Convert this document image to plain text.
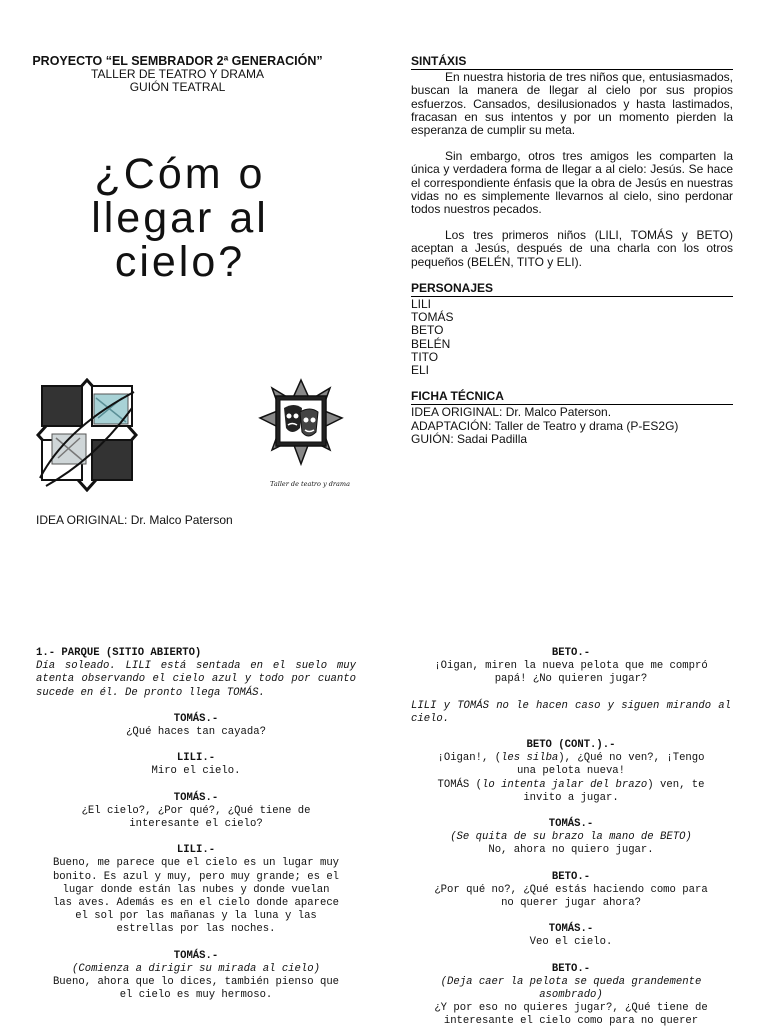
PROYECTO “EL SEMBRADOR 2ª GENERACIÓN”
TALLER DE TEATRO Y DRAMA
GUIÓN TEATRAL
¿Cóm o
llegar al
cielo?
Taller de teatro y drama
IDEA ORIGINAL: Dr. Malco Paterson
SINTÁXIS

En nuestra historia de tres niños que, entusiasmados, buscan la manera de llegar al cielo por sus propios esfuerzos. Cansados, desilusionados y hasta lastimados, fracasan en sus intentos y por un momento pierden la esperanza de cumplir su meta.

Sin embargo, otros tres amigos les comparten la única y verdadera forma de llegar a al cielo: Jesús. Se hace el correspondiente énfasis que la obra de Jesús en nuestras vidas no es simplemente llevarnos al cielo, sino perdonar todos nuestros pecados.

Los tres primeros niños (LILI, TOMÁS y BETO) aceptan a Jesús, después de una charla con los otros pequeños (BELÉN, TITO y ELI).

PERSONAJES

LILI

TOMÁS

BETO

BELÉN

TITO

ELI

FICHA TÉCNICA

IDEA ORIGINAL: Dr. Malco Paterson.

ADAPTACIÓN: Taller de Teatro y drama (P-ES2G)

GUIÓN: Sadai Padilla

1.- PARQUE (SITIO ABIERTO)
Día soleado. LILI está sentada en el suelo muy atenta observando el cielo azul y todo por cuanto sucede en él. De pronto llega TOMÁS.
TOMÁS.-
¿Qué haces tan cayada?
LILI.-
Miro el cielo.
TOMÁS.-
¿El cielo?, ¿Por qué?, ¿Qué tiene de
interesante el cielo?
LILI.-
Bueno, me parece que el cielo es un lugar muy
bonito. Es azul y muy, pero muy grande; es el
lugar donde están las nubes y donde vuelan
las aves. Además es en el cielo donde aparece
el sol por las mañanas y la luna y las
estrellas por las noches.
TOMÁS.-
(Comienza a dirigir su mirada al cielo)
Bueno, ahora que lo dices, también pienso que
el cielo es muy hermoso.
BETO.-
¡Oigan, miren la nueva pelota que me compró
papá! ¿No quieren jugar?
LILI y TOMÁS no le hacen caso y siguen mirando al cielo.
BETO (CONT.).-
¡Oigan!, (les silba), ¿Qué no ven?, ¡Tengo
una pelota nueva!
TOMÁS (lo intenta jalar del brazo) ven, te
invito a jugar.
TOMÁS.-
(Se quita de su brazo la mano de BETO)
No, ahora no quiero jugar.
BETO.-
¿Por qué no?, ¿Qué estás haciendo como para
no querer jugar ahora?
TOMÁS.-
Veo el cielo.
BETO.-
(Deja caer la pelota se queda grandemente
asombrado)
¿Y por eso no quieres jugar?, ¿Qué tiene de
interesante el cielo como para no querer
